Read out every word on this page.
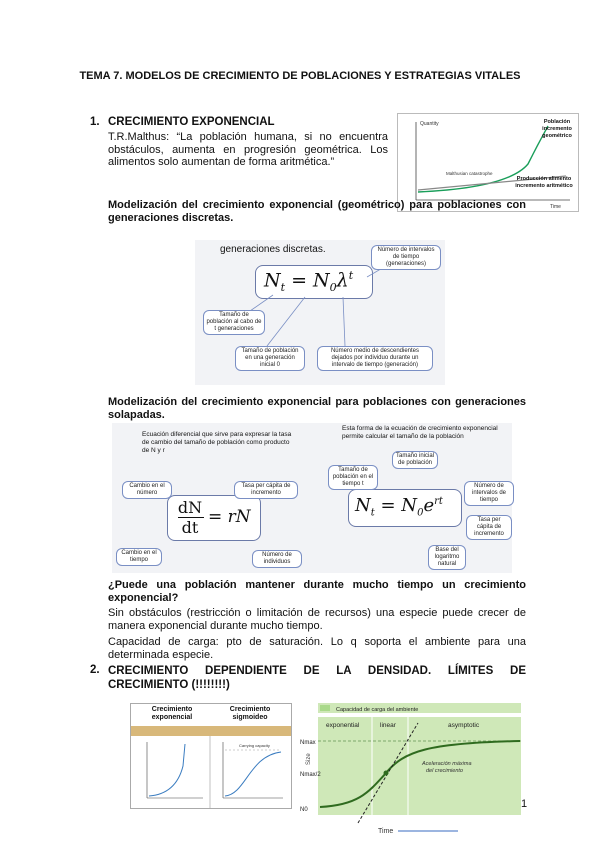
TEMA 7. MODELOS DE CRECIMIENTO DE POBLACIONES Y ESTRATEGIAS VITALES
1. CRECIMIENTO EXPONENCIAL
T.R.Malthus: “La población humana, si no encuentra obstáculos, aumenta en progresión geométrica. Los alimentos solo aumentan de forma aritmética.”
Quantity
Time
Malthusian catastrophe
Población incremento geométrico
Producción alimento incremento aritmético
Modelización del crecimiento exponencial (geométrico) para poblaciones con generaciones discretas.
generaciones discretas.
$N_t = N_0\lambda^t$
Número de intervalos de tiempo (generaciones)
Tamaño de población al cabo de t generaciones
Tamaño de población en una generación inicial 0
Número medio de descendientes dejados por individuo durante un intervalo de tiempo (generación)
Modelización del crecimiento exponencial para poblaciones con generaciones solapadas.
Ecuación diferencial que sirve para expresar la tasa de cambio del tamaño de población como producto de N y r
dN
dt
= rN
Cambio en el número
Tasa per cápita de incremento
Cambio en el tiempo
Número de individuos
Esta forma de la ecuación de crecimiento exponencial permite calcular el tamaño de la población
$N_t = N_0e^{rt}$
Tamaño de población en el tiempo t
Tamaño inicial de población
Número de intervalos de tiempo
Tasa per cápita de incremento
Base del logaritmo natural
¿Puede una población mantener durante mucho tiempo un crecimiento exponencial?
Sin obstáculos (restricción o limitación de recursos) una especie puede crecer de manera exponencial durante mucho tiempo.
Capacidad de carga: pto de saturación. Lo q soporta el ambiente para una determinada especie.
2. CRECIMIENTO DEPENDIENTE DE LA DENSIDAD. LÍMITES DE CRECIMIENTO (!!!!!!!!)
Crecimiento exponencial
Crecimiento sigmoideo
Carrying capacity
Capacidad de carga del ambiente
exponential	linear	asymptotic
Nmax
Nmax/2
N0
Size	Aceleración máxima
del crecimiento
Time
1
